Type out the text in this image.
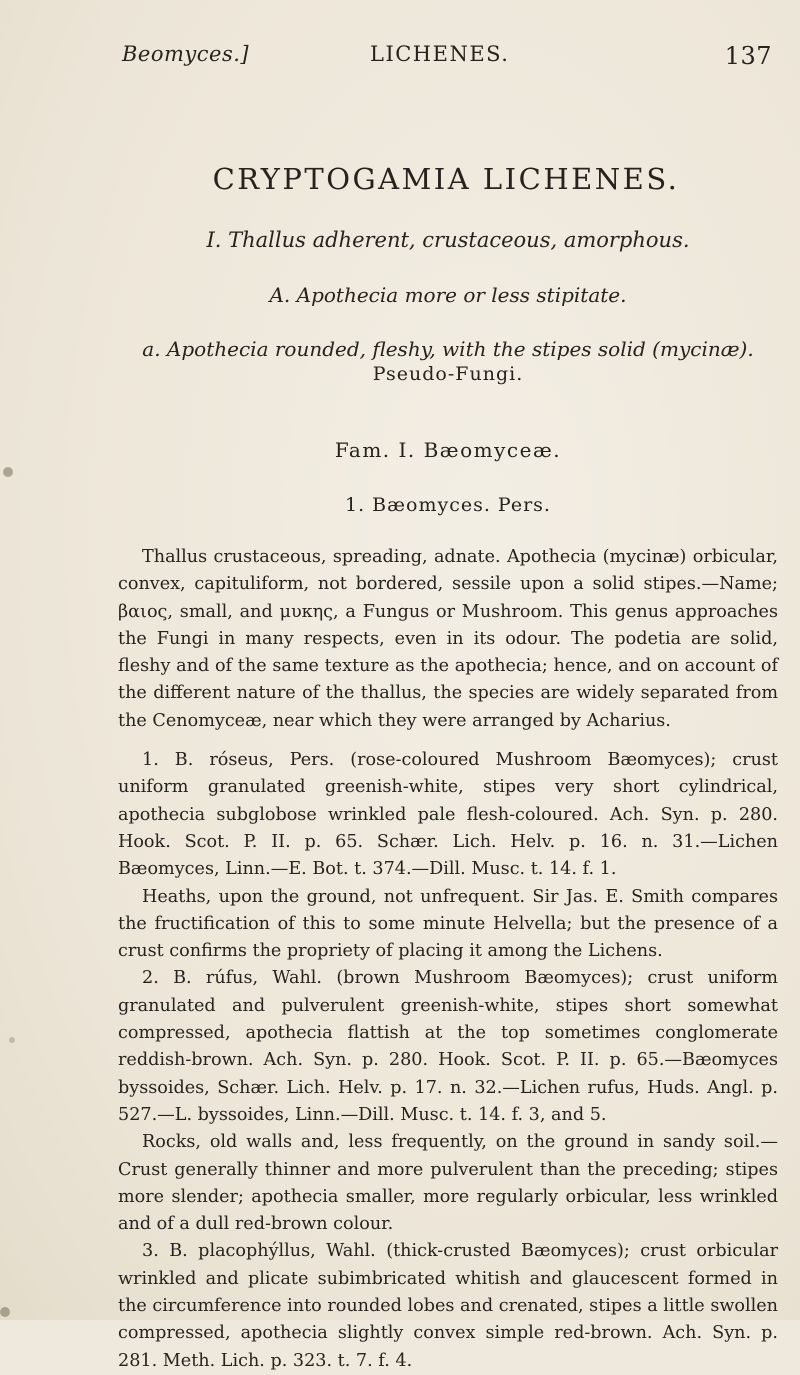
Beomyces.]	LICHENES.	137
CRYPTOGAMIA LICHENES.
I. Thallus adherent, crustaceous, amorphous.
A. Apothecia more or less stipitate.
a. Apothecia rounded, fleshy, with the stipes solid (mycinæ).
Pseudo-Fungi.
Fam. I. Bæomyceæ.
1. Bæomyces. Pers.

Thallus crustaceous, spreading, adnate. Apothecia (mycinæ) orbicular, convex, capituliform, not bordered, sessile upon a solid stipes.—Name; βαιος, small, and μυκης, a Fungus or Mushroom. This genus approaches the Fungi in many respects, even in its odour. The podetia are solid, fleshy and of the same texture as the apothecia; hence, and on account of the different nature of the thallus, the species are widely separated from the Cenomyceæ, near which they were arranged by Acharius.

1. B. róseus, Pers. (rose-coloured Mushroom Bæomyces); crust uniform granulated greenish-white, stipes very short cylindrical, apothecia subglobose wrinkled pale flesh-coloured. Ach. Syn. p. 280. Hook. Scot. P. II. p. 65. Schær. Lich. Helv. p. 16. n. 31.—Lichen Bæomyces, Linn.—E. Bot. t. 374.—Dill. Musc. t. 14. f. 1.

Heaths, upon the ground, not unfrequent. Sir Jas. E. Smith compares the fructification of this to some minute Helvella; but the presence of a crust confirms the propriety of placing it among the Lichens.

2. B. rúfus, Wahl. (brown Mushroom Bæomyces); crust uniform granulated and pulverulent greenish-white, stipes short somewhat compressed, apothecia flattish at the top sometimes conglomerate reddish-brown. Ach. Syn. p. 280. Hook. Scot. P. II. p. 65.—Bæomyces byssoides, Schær. Lich. Helv. p. 17. n. 32.—Lichen rufus, Huds. Angl. p. 527.—L. byssoides, Linn.—Dill. Musc. t. 14. f. 3, and 5.

Rocks, old walls and, less frequently, on the ground in sandy soil.—Crust generally thinner and more pulverulent than the preceding; stipes more slender; apothecia smaller, more regularly orbicular, less wrinkled and of a dull red-brown colour.

3. B. placophýllus, Wahl. (thick-crusted Bæomyces); crust orbicular wrinkled and plicate subimbricated whitish and glaucescent formed in the circumference into rounded lobes and crenated, stipes a little swollen compressed, apothecia slightly convex simple red-brown. Ach. Syn. p. 281. Meth. Lich. p. 323. t. 7. f. 4.
